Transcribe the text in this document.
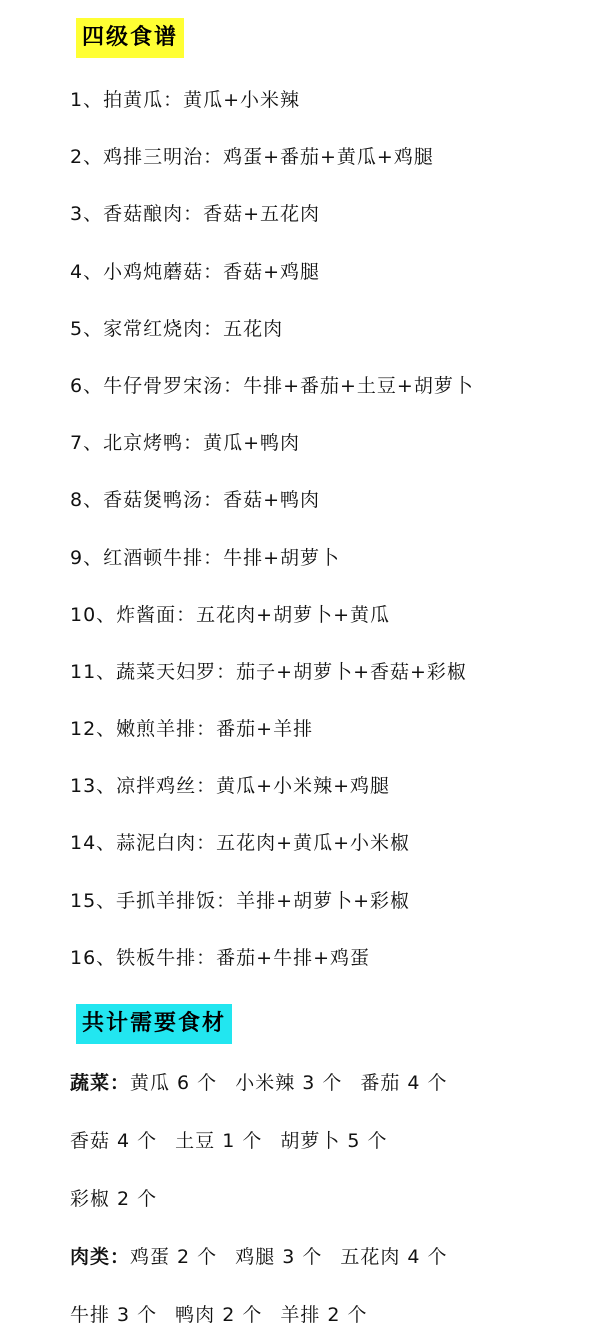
四级食谱
1、拍黄瓜：黄瓜+小米辣
2、鸡排三明治：鸡蛋+番茄+黄瓜+鸡腿
3、香菇酿肉：香菇+五花肉
4、小鸡炖蘑菇：香菇+鸡腿
5、家常红烧肉：五花肉
6、牛仔骨罗宋汤：牛排+番茄+土豆+胡萝卜
7、北京烤鸭：黄瓜+鸭肉
8、香菇煲鸭汤：香菇+鸭肉
9、红酒顿牛排：牛排+胡萝卜
10、炸酱面：五花肉+胡萝卜+黄瓜
11、蔬菜天妇罗：茄子+胡萝卜+香菇+彩椒
12、嫩煎羊排：番茄+羊排
13、凉拌鸡丝：黄瓜+小米辣+鸡腿
14、蒜泥白肉：五花肉+黄瓜+小米椒
15、手抓羊排饭：羊排+胡萝卜+彩椒
16、铁板牛排：番茄+牛排+鸡蛋
共计需要食材
蔬菜：黄瓜 6 个 小米辣 3 个 番茄 4 个
香菇 4 个 土豆 1 个 胡萝卜 5 个
彩椒 2 个
肉类：鸡蛋 2 个 鸡腿 3 个 五花肉 4 个
牛排 3 个 鸭肉 2 个 羊排 2 个
